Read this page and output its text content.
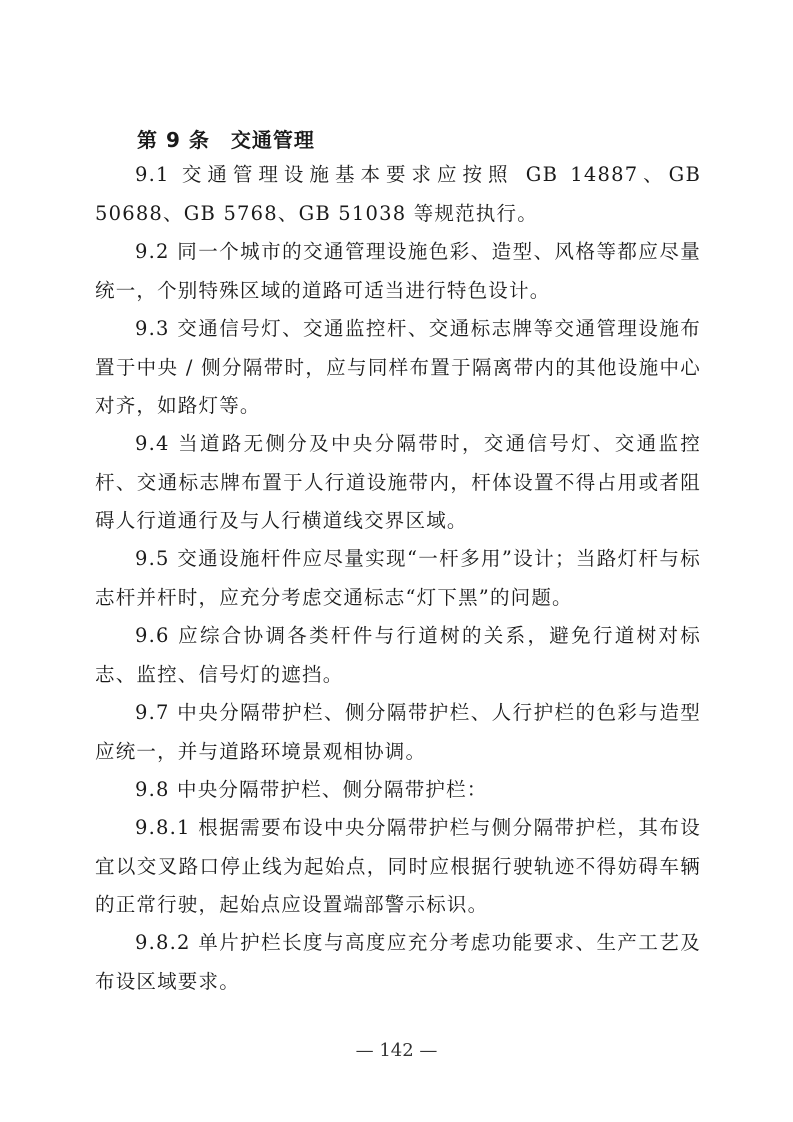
第 9 条　交通管理

9.1 交通管理设施基本要求应按照 GB 14887、GB 50688、GB 5768、GB 51038 等规范执行。

9.2 同一个城市的交通管理设施色彩、造型、风格等都应尽量统一，个别特殊区域的道路可适当进行特色设计。

9.3 交通信号灯、交通监控杆、交通标志牌等交通管理设施布置于中央 / 侧分隔带时，应与同样布置于隔离带内的其他设施中心对齐，如路灯等。

9.4 当道路无侧分及中央分隔带时，交通信号灯、交通监控杆、交通标志牌布置于人行道设施带内，杆体设置不得占用或者阻碍人行道通行及与人行横道线交界区域。

9.5 交通设施杆件应尽量实现“一杆多用”设计；当路灯杆与标志杆并杆时，应充分考虑交通标志“灯下黑”的问题。

9.6 应综合协调各类杆件与行道树的关系，避免行道树对标志、监控、信号灯的遮挡。

9.7 中央分隔带护栏、侧分隔带护栏、人行护栏的色彩与造型应统一，并与道路环境景观相协调。

9.8 中央分隔带护栏、侧分隔带护栏：

9.8.1 根据需要布设中央分隔带护栏与侧分隔带护栏，其布设宜以交叉路口停止线为起始点，同时应根据行驶轨迹不得妨碍车辆的正常行驶，起始点应设置端部警示标识。

9.8.2 单片护栏长度与高度应充分考虑功能要求、生产工艺及布设区域要求。

— 142 —
